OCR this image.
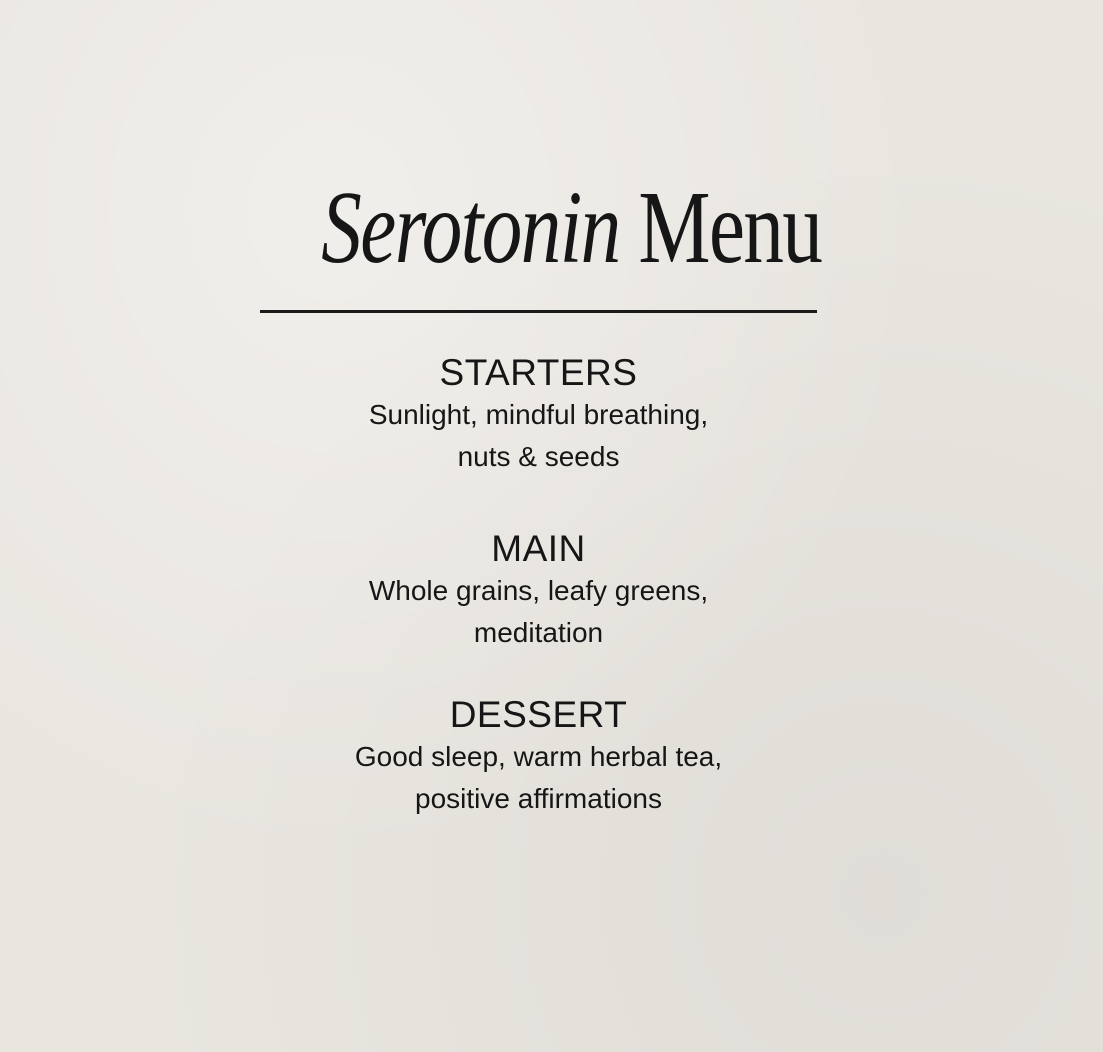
Serotonin Menu

STARTERS

Sunlight, mindful breathing,

nuts & seeds

MAIN

Whole grains, leafy greens,

meditation

DESSERT

Good sleep, warm herbal tea,

positive affirmations
